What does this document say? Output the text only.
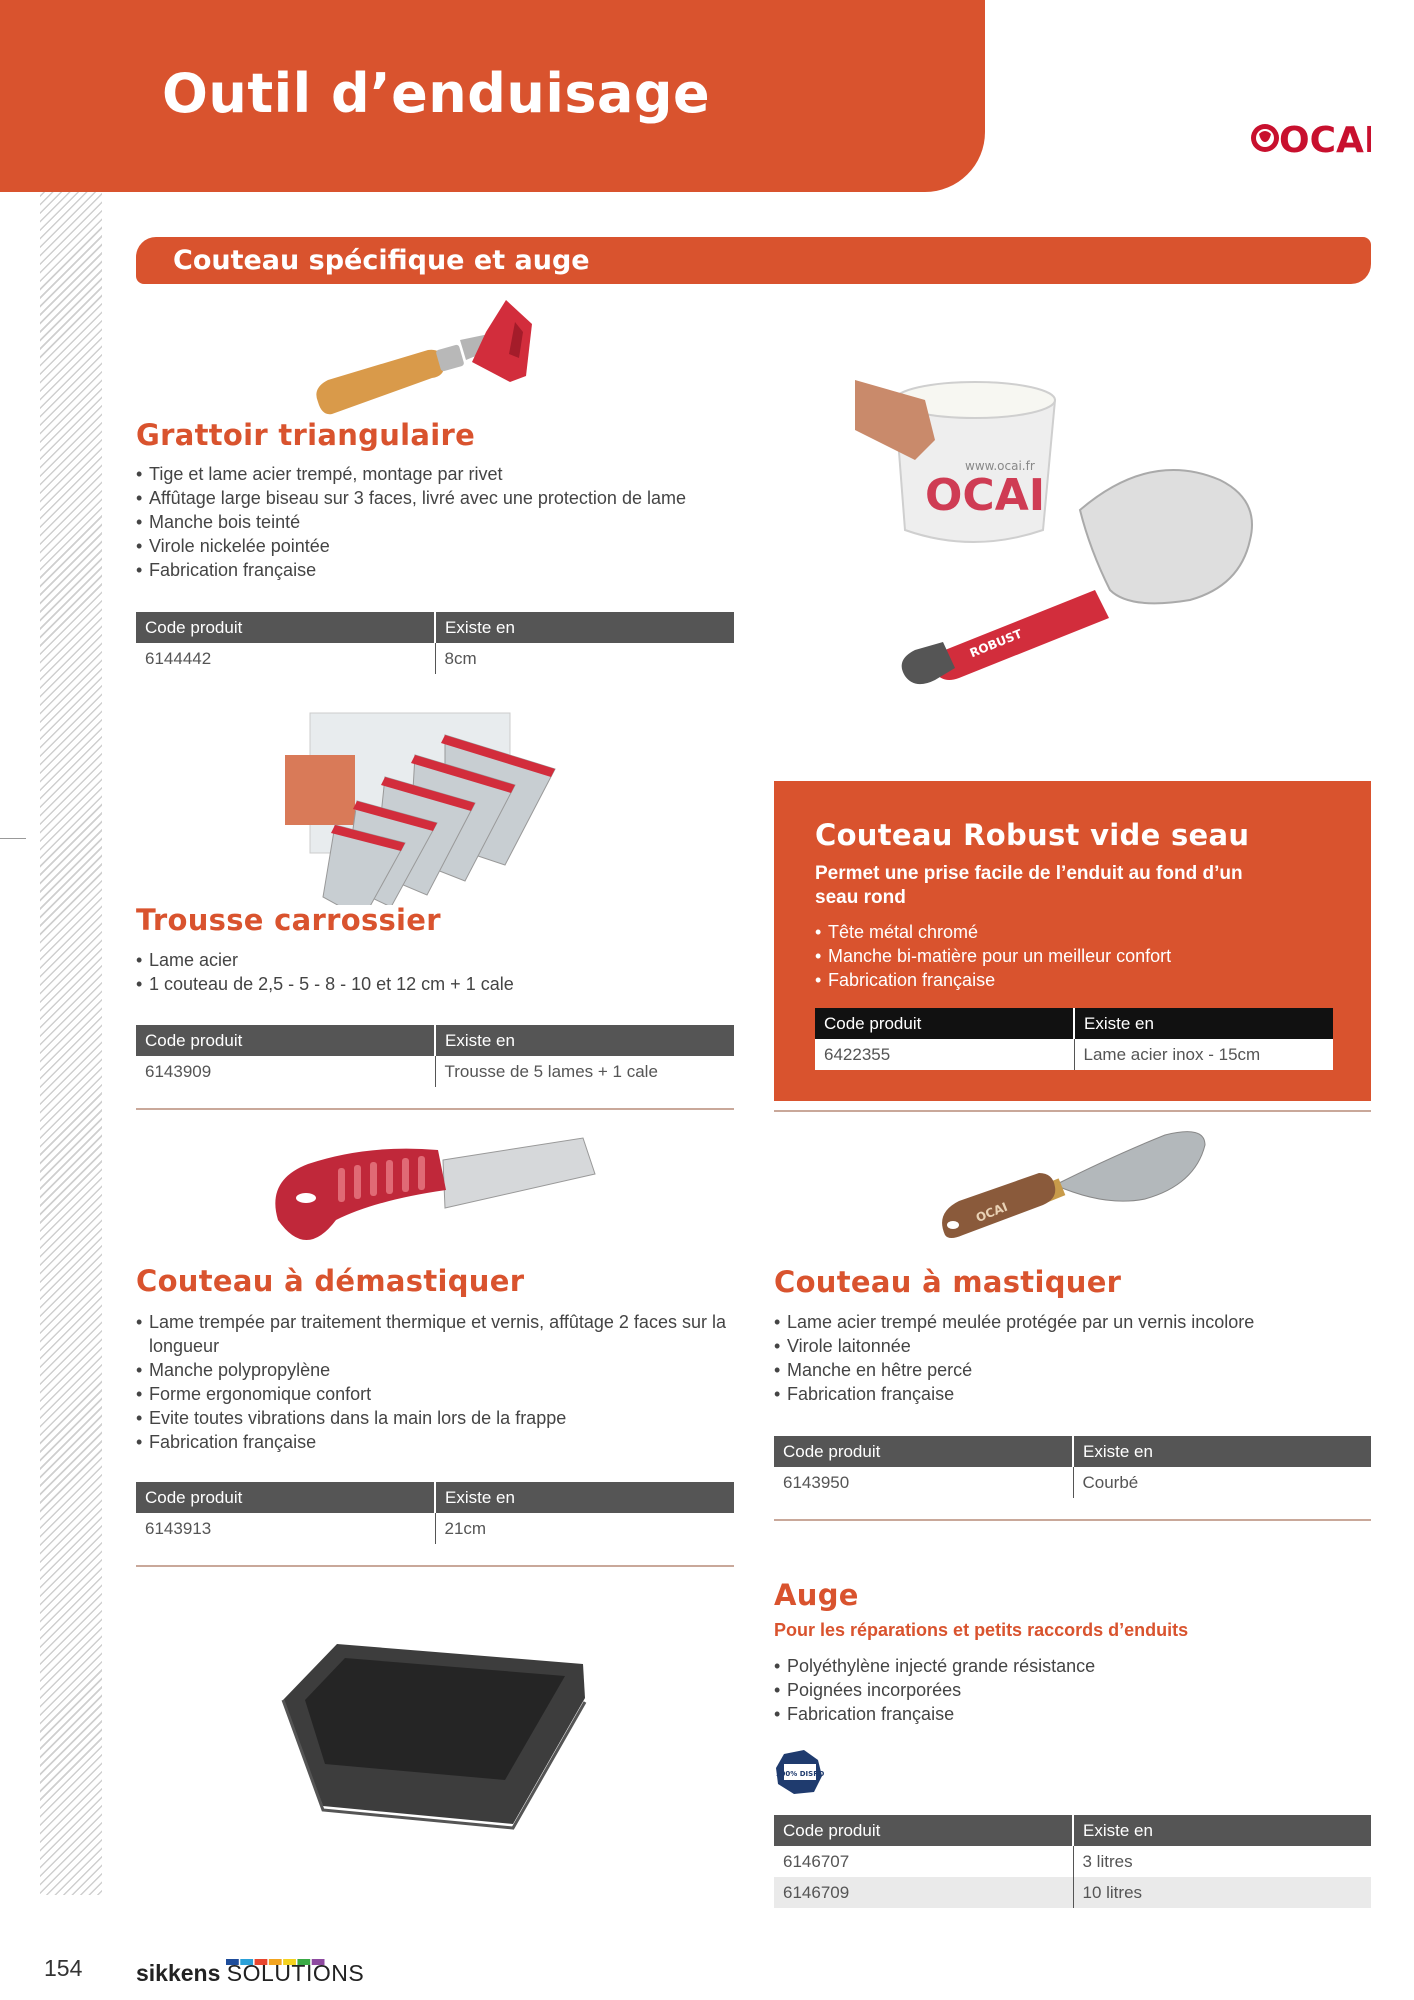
Outil d’enduisage
OCAI
Couteau spécifique et auge
Grattoir triangulaire
• Tige et lame acier trempé, montage par rivet
• Affûtage large biseau sur 3 faces, livré avec une protection de lame
• Manche bois teinté
• Virole nickelée pointée
• Fabrication française
Code produit	Existe en
6144442	8cm
OCAI
www.ocai.fr
ROBUST
Trousse carrossier
• Lame acier
• 1 couteau de 2,5 - 5 - 8 - 10 et 12 cm + 1 cale
Code produit	Existe en
6143909	Trousse de 5 lames + 1 cale
Couteau Robust vide seau
Permet une prise facile de l’enduit au fond d’un seau rond
• Tête métal chromé
• Manche bi-matière pour un meilleur confort
• Fabrication française
Code produit	Existe en
6422355	Lame acier inox - 15cm
Couteau à démastiquer
• Lame trempée par traitement thermique et vernis, affûtage 2 faces sur la longueur
• Manche polypropylène
• Forme ergonomique confort
• Evite toutes vibrations dans la main lors de la frappe
• Fabrication française
Code produit	Existe en
6143913	21cm
OCAI
Couteau à mastiquer
• Lame acier trempé meulée protégée par un vernis incolore
• Virole laitonnée
• Manche en hêtre percé
• Fabrication française
Code produit	Existe en
6143950	Courbé
Auge
Pour les réparations et petits raccords d’enduits
• Polyéthylène injecté grande résistance
• Poignées incorporées
• Fabrication française
100% DISPO
Code produit	Existe en
6146707	3 litres
6146709	10 litres
154 sikkens SOLUTIONS
